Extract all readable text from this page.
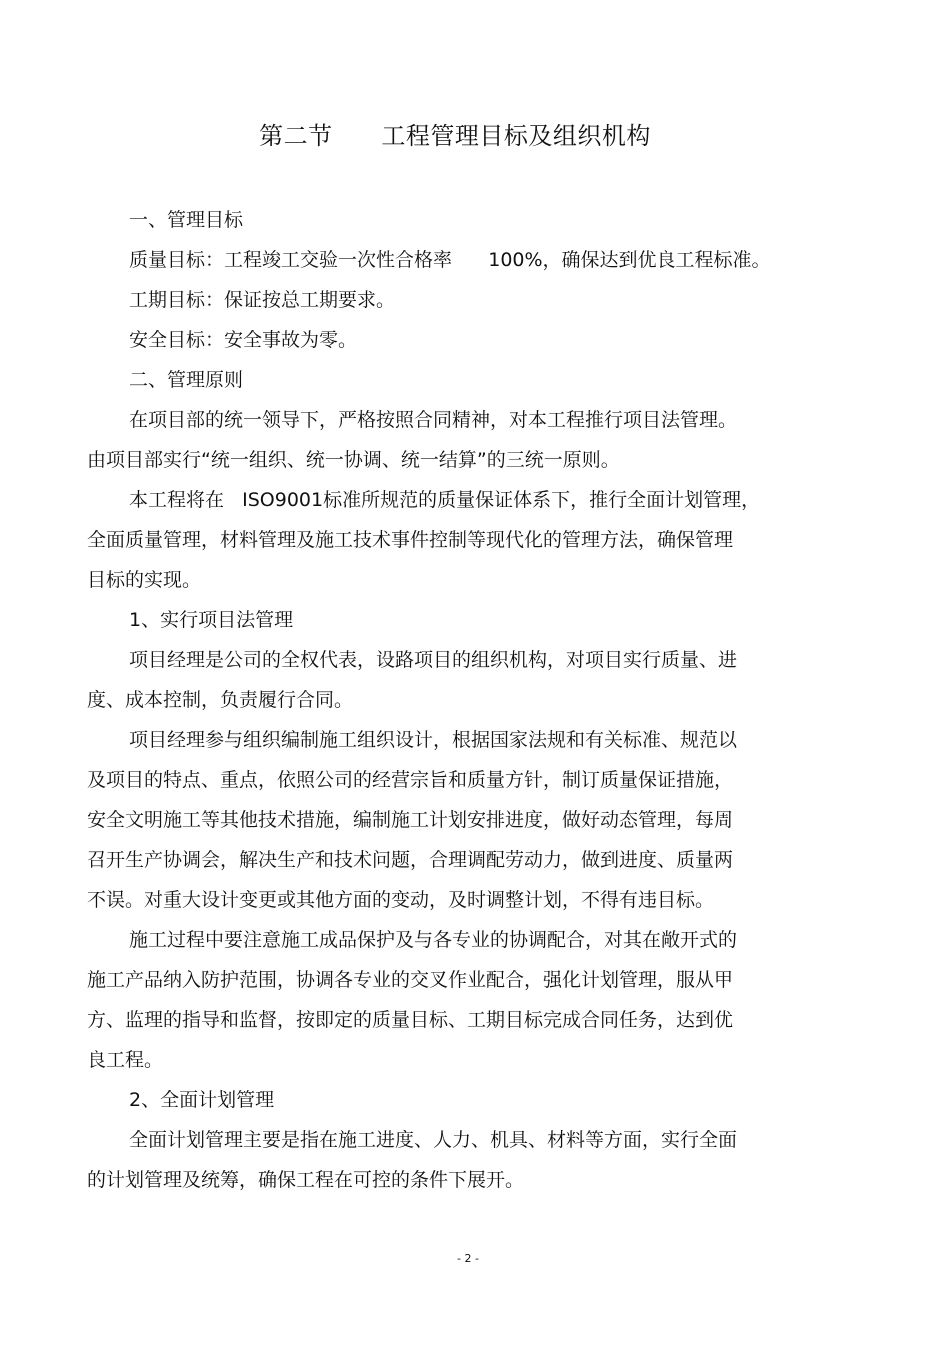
第二节      工程管理目标及组织机构
一、管理目标
质量目标：工程竣工交验一次性合格率      100%，确保达到优良工程标准。
工期目标：保证按总工期要求。
安全目标：安全事故为零。
二、管理原则
在项目部的统一领导下，严格按照合同精神，对本工程推行项目法管理。
由项目部实行“统一组织、统一协调、统一结算”的三统一原则。
本工程将在   ISO9001标准所规范的质量保证体系下，推行全面计划管理，
全面质量管理，材料管理及施工技术事件控制等现代化的管理方法，确保管理
目标的实现。
1、实行项目法管理
项目经理是公司的全权代表，设路项目的组织机构，对项目实行质量、进
度、成本控制，负责履行合同。
项目经理参与组织编制施工组织设计，根据国家法规和有关标准、规范以
及项目的特点、重点，依照公司的经营宗旨和质量方针，制订质量保证措施，
安全文明施工等其他技术措施，编制施工计划安排进度，做好动态管理，每周
召开生产协调会，解决生产和技术问题，合理调配劳动力，做到进度、质量两
不误。对重大设计变更或其他方面的变动，及时调整计划，不得有违目标。
施工过程中要注意施工成品保护及与各专业的协调配合，对其在敞开式的
施工产品纳入防护范围，协调各专业的交叉作业配合，强化计划管理，服从甲
方、监理的指导和监督，按即定的质量目标、工期目标完成合同任务，达到优
良工程。
2、全面计划管理
全面计划管理主要是指在施工进度、人力、机具、材料等方面，实行全面
的计划管理及统筹，确保工程在可控的条件下展开。
- 2 -
